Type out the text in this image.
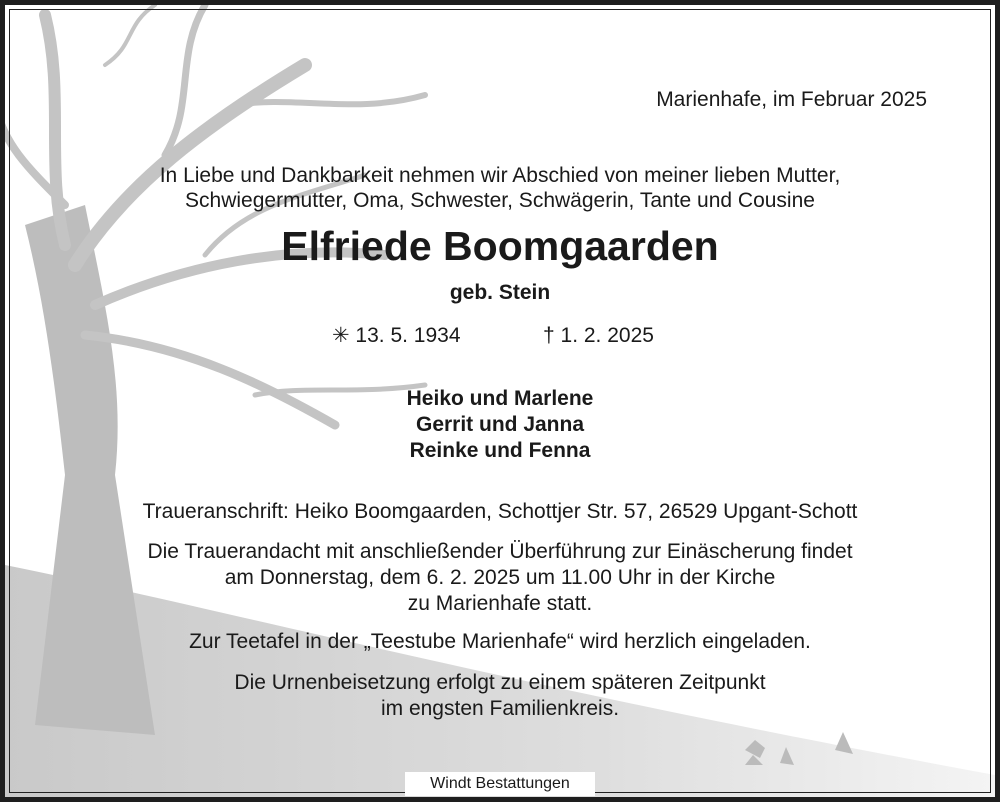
Marienhafe, im Februar 2025
In Liebe und Dankbarkeit nehmen wir Abschied von meiner lieben Mutter,
Schwiegermutter, Oma, Schwester, Schwägerin, Tante und Cousine
Elfriede Boomgaarden
geb. Stein
✳ 13. 5. 1934	† 1. 2. 2025
Heiko und Marlene
Gerrit und Janna
Reinke und Fenna
Traueranschrift: Heiko Boomgaarden, Schottjer Str. 57, 26529 Upgant-Schott
Die Trauerandacht mit anschließender Überführung zur Einäscherung findet
am Donnerstag, dem 6. 2. 2025 um 11.00 Uhr in der Kirche
zu Marienhafe statt.
Zur Teetafel in der „Teestube Marienhafe“ wird herzlich eingeladen.
Die Urnenbeisetzung erfolgt zu einem späteren Zeitpunkt
im engsten Familienkreis.
Windt Bestattungen
